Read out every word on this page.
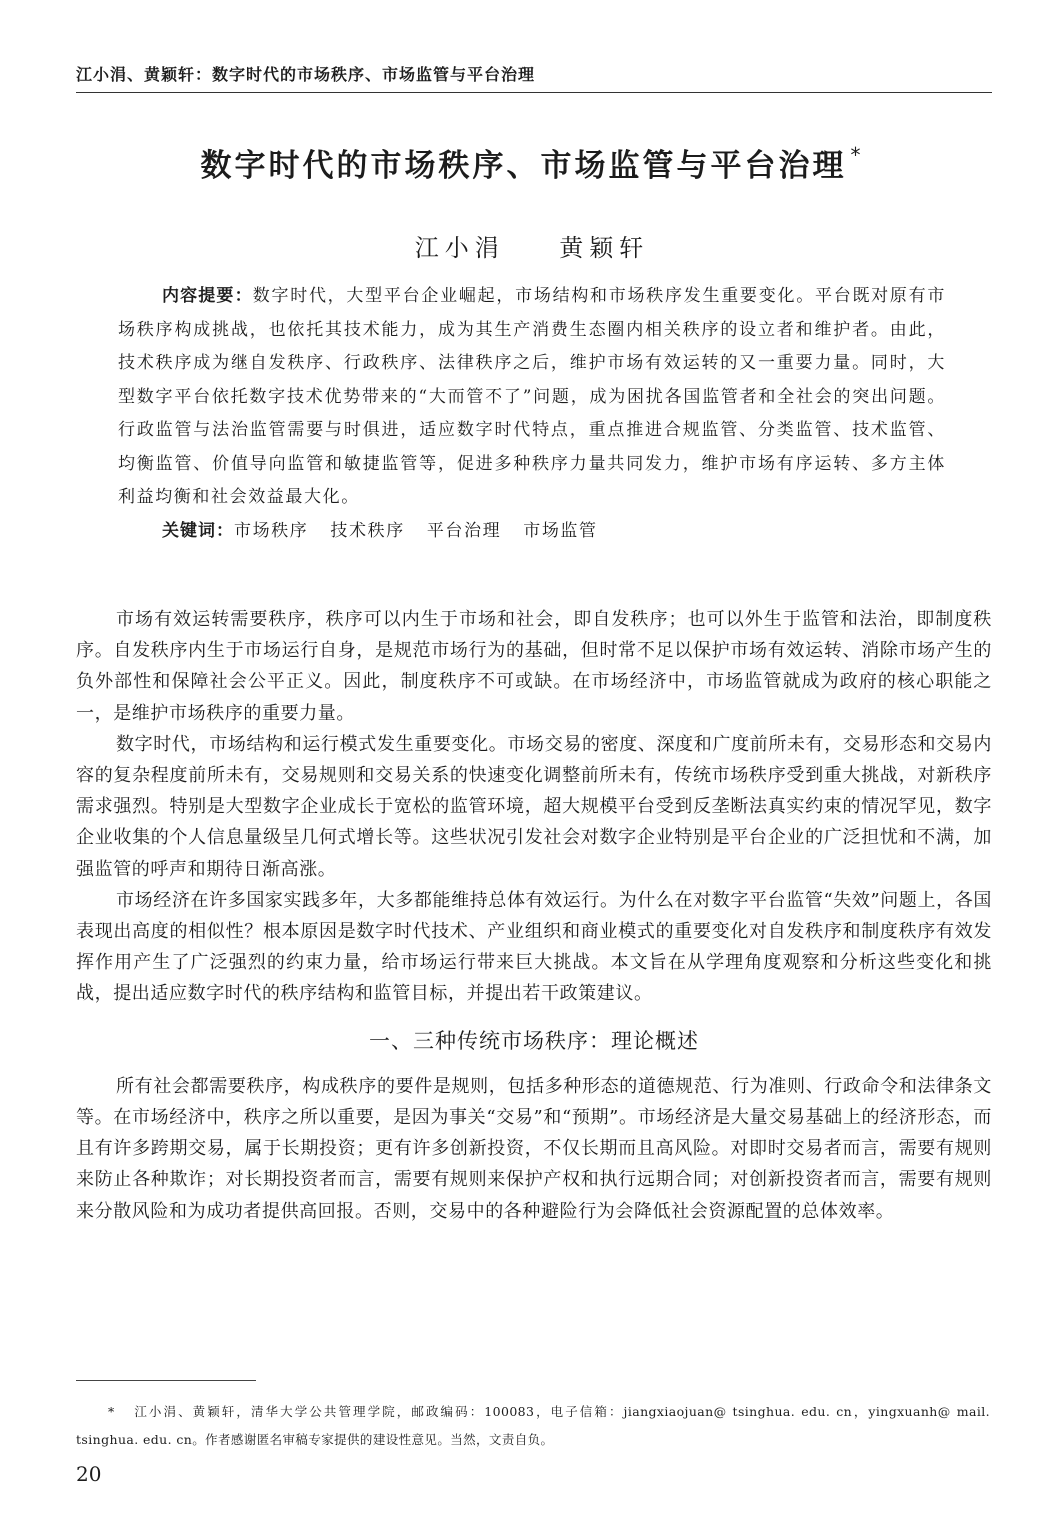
江小涓、黄颖轩：数字时代的市场秩序、市场监管与平台治理
数字时代的市场秩序、市场监管与平台治理 *
江小涓    黄颖轩

内容提要：数字时代，大型平台企业崛起，市场结构和市场秩序发生重要变化。平台既对原有市场秩序构成挑战，也依托其技术能力，成为其生产消费生态圈内相关秩序的设立者和维护者。由此，技术秩序成为继自发秩序、行政秩序、法律秩序之后，维护市场有效运转的又一重要力量。同时，大型数字平台依托数字技术优势带来的“大而管不了”问题，成为困扰各国监管者和全社会的突出问题。行政监管与法治监管需要与时俱进，适应数字时代特点，重点推进合规监管、分类监管、技术监管、均衡监管、价值导向监管和敏捷监管等，促进多种秩序力量共同发力，维护市场有序运转、多方主体利益均衡和社会效益最大化。

关键词：市场秩序 技术秩序 平台治理 市场监管

市场有效运转需要秩序，秩序可以内生于市场和社会，即自发秩序；也可以外生于监管和法治，即制度秩序。自发秩序内生于市场运行自身，是规范市场行为的基础，但时常不足以保护市场有效运转、消除市场产生的负外部性和保障社会公平正义。因此，制度秩序不可或缺。在市场经济中，市场监管就成为政府的核心职能之一，是维护市场秩序的重要力量。

数字时代，市场结构和运行模式发生重要变化。市场交易的密度、深度和广度前所未有，交易形态和交易内容的复杂程度前所未有，交易规则和交易关系的快速变化调整前所未有，传统市场秩序受到重大挑战，对新秩序需求强烈。特别是大型数字企业成长于宽松的监管环境，超大规模平台受到反垄断法真实约束的情况罕见，数字企业收集的个人信息量级呈几何式增长等。这些状况引发社会对数字企业特别是平台企业的广泛担忧和不满，加强监管的呼声和期待日渐高涨。

市场经济在许多国家实践多年，大多都能维持总体有效运行。为什么在对数字平台监管“失效”问题上，各国表现出高度的相似性？根本原因是数字时代技术、产业组织和商业模式的重要变化对自发秩序和制度秩序有效发挥作用产生了广泛强烈的约束力量，给市场运行带来巨大挑战。本文旨在从学理角度观察和分析这些变化和挑战，提出适应数字时代的秩序结构和监管目标，并提出若干政策建议。

一、三种传统市场秩序：理论概述

所有社会都需要秩序，构成秩序的要件是规则，包括多种形态的道德规范、行为准则、行政命令和法律条文等。在市场经济中，秩序之所以重要，是因为事关“交易”和“预期”。市场经济是大量交易基础上的经济形态，而且有许多跨期交易，属于长期投资；更有许多创新投资，不仅长期而且高风险。对即时交易者而言，需要有规则来防止各种欺诈；对长期投资者而言，需要有规则来保护产权和执行远期合同；对创新投资者而言，需要有规则来分散风险和为成功者提供高回报。否则，交易中的各种避险行为会降低社会资源配置的总体效率。

* 江小涓、黄颖轩，清华大学公共管理学院，邮政编码：100083，电子信箱：jiangxiaojuan@ tsinghua. edu. cn，yingxuanh@ mail. tsinghua. edu. cn。作者感谢匿名审稿专家提供的建设性意见。当然，文责自负。

20
